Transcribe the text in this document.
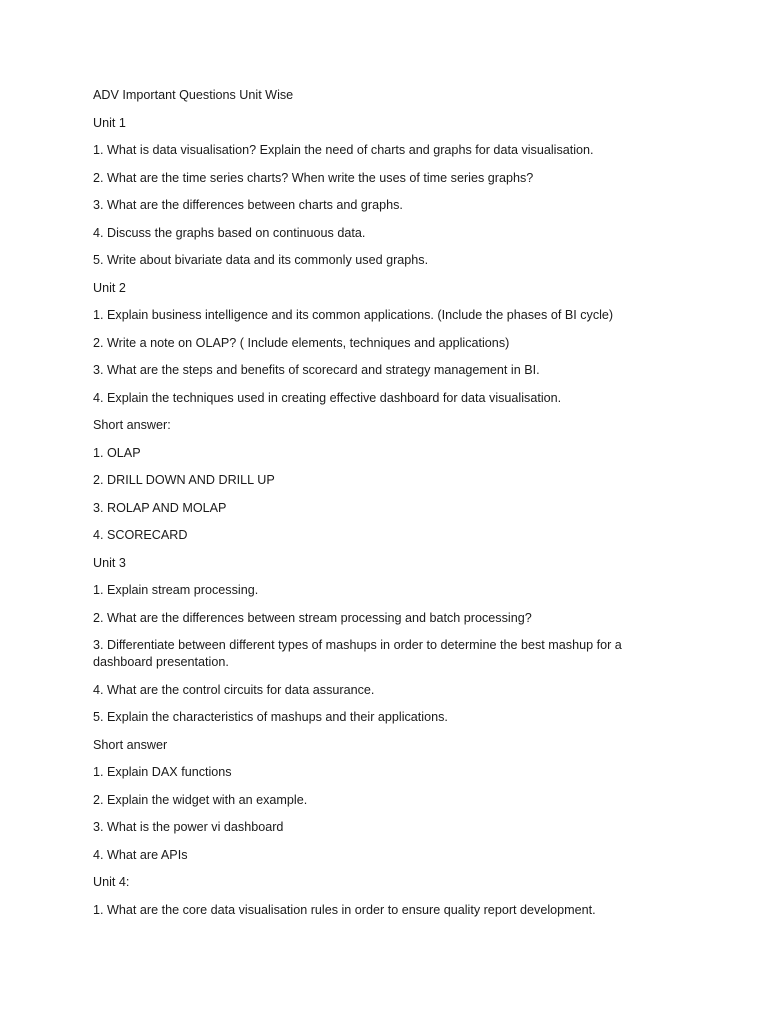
ADV Important Questions Unit Wise
Unit 1
1. What is data visualisation? Explain the need of charts and graphs for data visualisation.
2. What are the time series charts? When write the uses of time series graphs?
3. What are the differences between charts and graphs.
4. Discuss the graphs based on continuous data.
5. Write about bivariate data and its commonly used graphs.
Unit 2
1. Explain business intelligence and its common applications. (Include the phases of BI cycle)
2. Write a note on OLAP? ( Include elements, techniques and applications)
3. What are the steps and benefits of scorecard and strategy management in BI.
4. Explain the techniques used in creating effective dashboard for data visualisation.
Short answer:
1. OLAP
2. DRILL DOWN AND DRILL UP
3. ROLAP AND MOLAP
4. SCORECARD
Unit 3
1. Explain stream processing.
2. What are the differences between stream processing and batch processing?
3. Differentiate between different types of mashups in order to determine the best mashup for a dashboard presentation.
4. What are the control circuits for data assurance.
5. Explain the characteristics of mashups and their applications.
Short answer
1. Explain DAX functions
2. Explain the widget with an example.
3. What is the power vi dashboard
4. What are APIs
Unit 4:
1. What are the core data visualisation rules in order to ensure quality report development.
